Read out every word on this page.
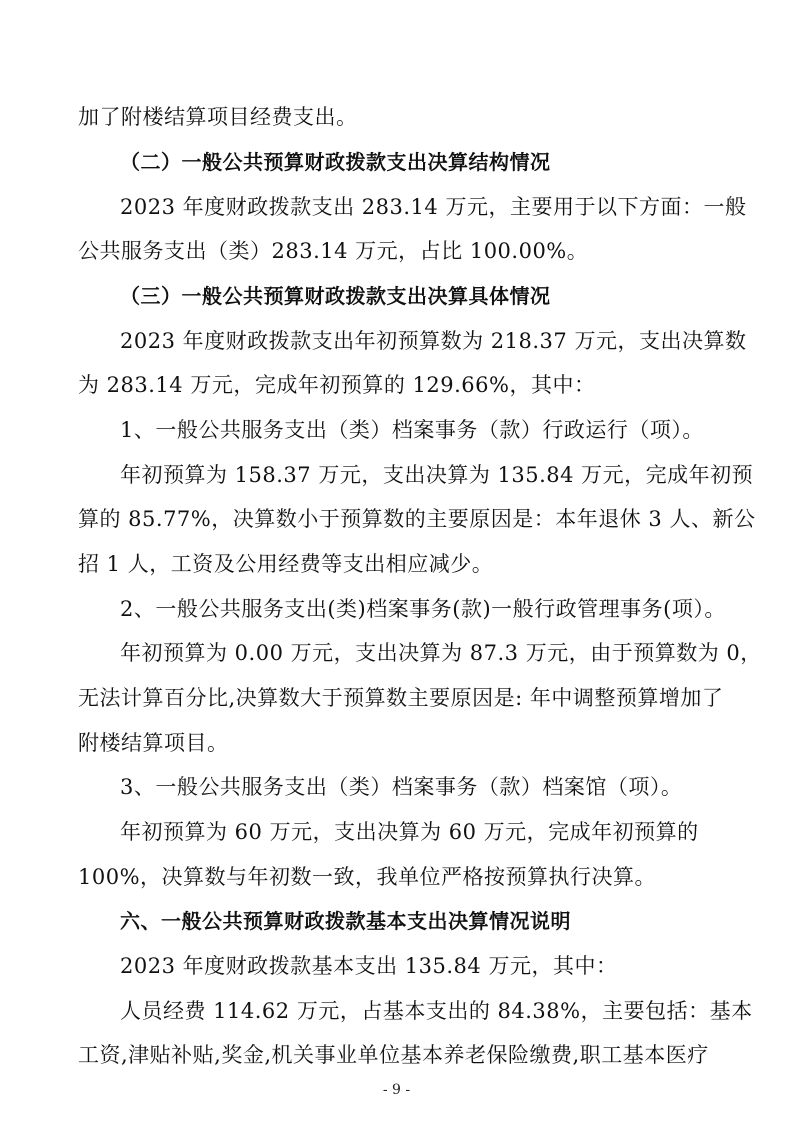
加了附楼结算项目经费支出。
（二）一般公共预算财政拨款支出决算结构情况
2023 年度财政拨款支出 283.14 万元，主要用于以下方面：一般
公共服务支出（类）283.14 万元，占比 100.00%。
（三）一般公共预算财政拨款支出决算具体情况
2023 年度财政拨款支出年初预算数为 218.37 万元，支出决算数
为 283.14 万元，完成年初预算的 129.66%，其中：
1、一般公共服务支出（类）档案事务（款）行政运行（项）。
年初预算为 158.37 万元，支出决算为 135.84 万元，完成年初预
算的 85.77%，决算数小于预算数的主要原因是：本年退休 3 人、新公
招 1 人，工资及公用经费等支出相应减少。
2、一般公共服务支出(类)档案事务(款)一般行政管理事务(项）。
年初预算为 0.00 万元，支出决算为 87.3 万元，由于预算数为 0，
无法计算百分比,决算数大于预算数主要原因是: 年中调整预算增加了
附楼结算项目。
3、一般公共服务支出（类）档案事务（款）档案馆（项）。
年初预算为 60 万元，支出决算为 60 万元，完成年初预算的
100%，决算数与年初数一致，我单位严格按预算执行决算。
六、一般公共预算财政拨款基本支出决算情况说明
2023 年度财政拨款基本支出 135.84 万元，其中：
人员经费 114.62 万元，占基本支出的 84.38%，主要包括：基本
工资,津贴补贴,奖金,机关事业单位基本养老保险缴费,职工基本医疗
- 9 -
